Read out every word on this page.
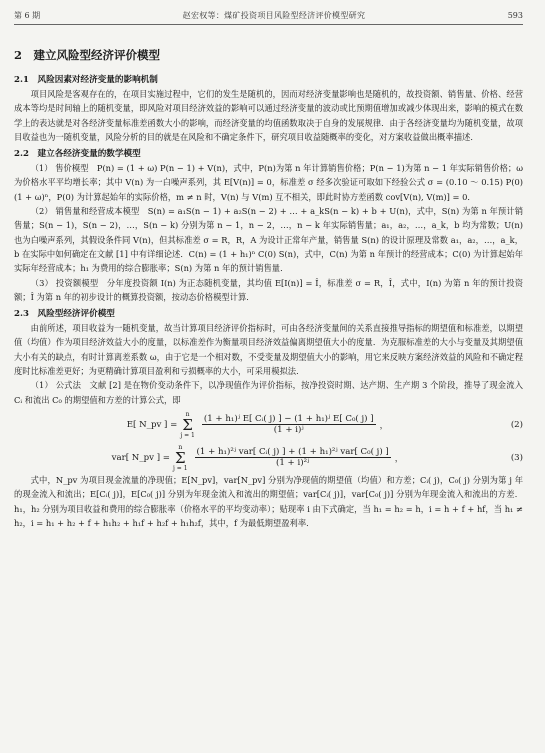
第 6 期	赵宏权等：煤矿投资项目风险型经济评价模型研究	593
2　建立风险型经济评价模型
2.1　风险因素对经济变量的影响机制

项目风险是客观存在的，在项目实施过程中，它们的发生是随机的，因而对经济变量影响也是随机的，故投资额、销售量、价格、经营成本等均是时间轴上的随机变量，即风险对项目经济效益的影响可以通过经济变量的波动或比预期值增加或减少体现出来，影响的模式在数学上的表达就是对各经济变量标准差函数大小的影响，而经济变量的均值函数取决于自身的发展规律．由于各经济变量均为随机变量，故项目收益也为一随机变量，风险分析的目的就是在风险和不确定条件下，研究项目收益随概率的变化，对方案收益做出概率描述．

2.2　建立各经济变量的数学模型

（1） 售价模型　P(n) = (1 + ω) P(n − 1) + V(n)，式中，P(n)为第 n 年计算销售价格；P(n − 1)为第 n − 1 年实际销售价格；ω 为价格水平平均增长率；其中 V(n) 为一白噪声系列，其 E[V(n)] = 0，标准差 σ 经多次验证可取如下经验公式 σ = (0.10 ～ 0.15) P(0)(1 + ω)ⁿ，P(0) 为计算起始年的实际价格，m ≠ n 时，V(n) 与 V(m) 互不相关，即此时协方差函数 cov[V(n), V(m)] = 0．

（2） 销售量和经营成本模型　S(n) = a₁S(n − 1) + a₂S(n − 2) + … + a_kS(n − k) + b + U(n)，式中，S(n) 为第 n 年预计销售量；S(n − 1)，S(n − 2)，…，S(n − k) 分别为第 n − 1，n − 2，…，n − k 年实际销售量；a₁，a₂，…，a_k，b 均为常数；U(n) 也为白噪声系列，其假设条件同 V(n)，但其标准差 σ = R，R，A 为设计正常年产量，销售量 S(n) 的设计原理及常数 a₁，a₂，…，a_k，b 在实际中如何确定在文献 [1] 中有详细论述．C(n) = (1 + h₁)ⁿ C(0) S(n)，式中，C(n) 为第 n 年预计的经营成本；C(0) 为计算起始年实际年经营成本；h₁ 为费用的综合膨胀率；S(n) 为第 n 年的预计销售量．

（3） 投资额模型　分年度投资额 I(n) 为正态随机变量，其均值 E[I(n)] = Î，标准差 σ = R，Î，式中，I(n) 为第 n 年的预计投资额；Î 为第 n 年的初步设计的概算投资额，按动态价格模型计算．

2.3　风险型经济评价模型

由前所述，项目收益为一随机变量，故当计算项目经济评价指标时，可由各经济变量间的关系直接推导指标的期望值和标准差，以期望值（均值）作为项目经济效益大小的度量，以标准差作为衡量项目经济效益偏离期望值大小的度量．为克服标准差的大小与变量及其期望值大小有关的缺点，有时计算离差系数 ω，由于它是一个相对数，不受变量及期望值大小的影响，用它来反映方案经济效益的风险和不确定程度时比标准差更好；为更精确计算项目盈利和亏损概率的大小，可采用模拟法．

（1） 公式法　文献 [2] 是在物价变动条件下，以净现值作为评价指标，按净投资时期、达产期、生产期 3 个阶段，推导了现金流入 Cᵢ 和流出 C₀ 的期望值和方差的计算公式，即

E[ N_pv ] =
n
Σ
$j = 1 \frac{\text{(1 + h₁)ʲ E[ Cᵢ( j) ] − (1 + h₁)ʲ E[ C₀( j) ]}}{\text{(1 + i)ʲ}}$ ，	(2)
var[ N_pv ] =
n
Σ
$j = 1 \frac{\text{(1 + h₁)²ʲ var[ Cᵢ( j) ] + (1 + h₁)²ʲ var[ C₀( j) ]}}{\text{(1 + i)²ʲ}}$ ，	(3)

式中，N_pv 为项目现金流量的净现值；E[N_pv]，var[N_pv] 分别为净现值的期望值（均值）和方差；Cᵢ( j)，C₀( j) 分别为第 j 年的现金流入和流出；E[Cᵢ( j)]，E[C₀( j)] 分别为年现金流入和流出的期望值；var[Cᵢ( j)]，var[C₀( j)] 分别为年现金流入和流出的方差．h₁，h₂ 分别为项目收益和费用的综合膨胀率（价格水平的平均变动率）；贴现率 i 由下式确定，当 h₁ = h₂ = h，i = h + f + hf，当 h₁ ≠ h₂，i = h₁ + h₂ + f + h₁h₂ + h₁f + h₂f + h₁h₂f，其中，f 为最低期望盈利率．
